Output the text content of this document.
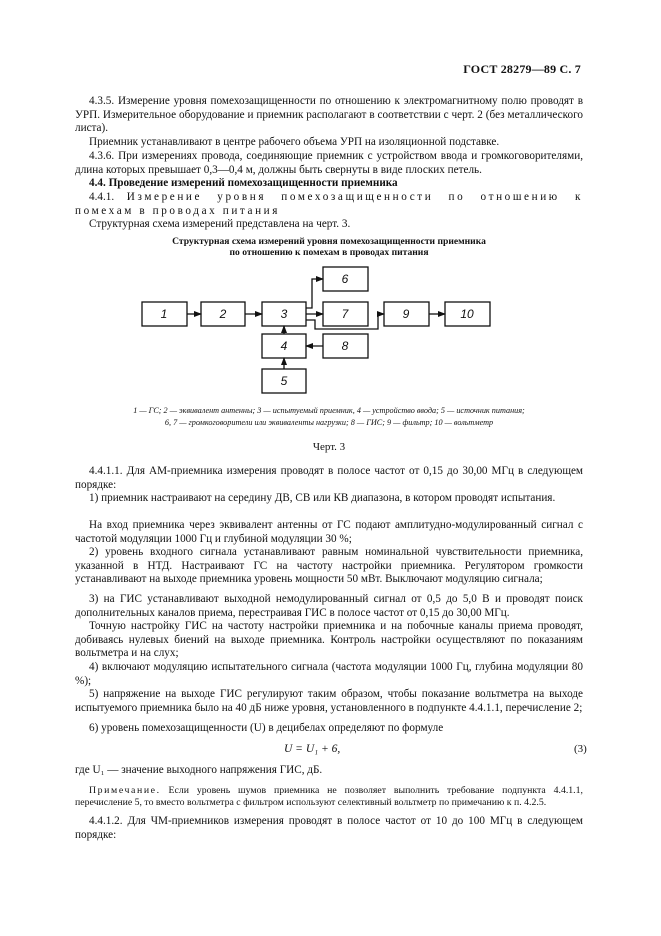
ГОСТ 28279—89 С. 7

4.3.5. Измерение уровня помехозащищенности по отношению к электромагнитному полю проводят в УРП. Измерительное оборудование и приемник располагают в соответствии с черт. 2 (без металлического листа).

Приемник устанавливают в центре рабочего объема УРП на изоляционной подставке.

4.3.6. При измерениях провода, соединяющие приемник с устройством ввода и громкоговорителями, длина которых превышает 0,3—0,4 м, должны быть свернуты в виде плоских петель.

4.4. Проведение измерений помехозащищенности приемника

4.4.1. Измерение уровня помехозащищенности по отношению к помехам в проводах питания

Структурная схема измерений представлена на черт. 3.

Структурная схема измерений уровня помехозащищенности приемника
по отношению к помехам в проводах питания
1	2	3
4
5
6
7
8
9	10
1 — ГС; 2 — эквивалент антенны; 3 — испытуемый приемник, 4 — устройство ввода; 5 — источник питания;
6, 7 — громкоговорители или эквиваленты нагрузки; 8 — ГИС; 9 — фильтр; 10 — вольтметр
Черт. 3

4.4.1.1. Для АМ-приемника измерения проводят в полосе частот от 0,15 до 30,00 МГц в следующем порядке:

1) приемник настраивают на середину ДВ, СВ или КВ диапазона, в котором проводят испытания.

На вход приемника через эквивалент антенны от ГС подают амплитудно-модулированный сигнал с частотой модуляции 1000 Гц и глубиной модуляции 30 %;

2) уровень входного сигнала устанавливают равным номинальной чувствительности приемника, указанной в НТД. Настраивают ГС на частоту настройки приемника. Регулятором громкости устанавливают на выходе приемника уровень мощности 50 мВт. Выключают модуляцию сигнала;

3) на ГИС устанавливают выходной немодулированный сигнал от 0,5 до 5,0 В и проводят поиск дополнительных каналов приема, перестраивая ГИС в полосе частот от 0,15 до 30,00 МГц.

Точную настройку ГИС на частоту настройки приемника и на побочные каналы приема проводят, добиваясь нулевых биений на выходе приемника. Контроль настройки осуществляют по показаниям вольтметра и на слух;

4) включают модуляцию испытательного сигнала (частота модуляции 1000 Гц, глубина модуляции 80 %);

5) напряжение на выходе ГИС регулируют таким образом, чтобы показание вольтметра на выходе испытуемого приемника было на 40 дБ ниже уровня, установленного в подпункте 4.4.1.1, перечисление 2;

6) уровень помехозащищенности (U) в децибелах определяют по формуле

U = U₁ + 6,	(3)

где U₁ — значение выходного напряжения ГИС, дБ.

Примечание. Если уровень шумов приемника не позволяет выполнить требование подпункта 4.4.1.1, перечисление 5, то вместо вольтметра с фильтром используют селективный вольтметр по примечанию к п. 4.2.5.

4.4.1.2. Для ЧМ-приемников измерения проводят в полосе частот от 10 до 100 МГц в следующем порядке:
